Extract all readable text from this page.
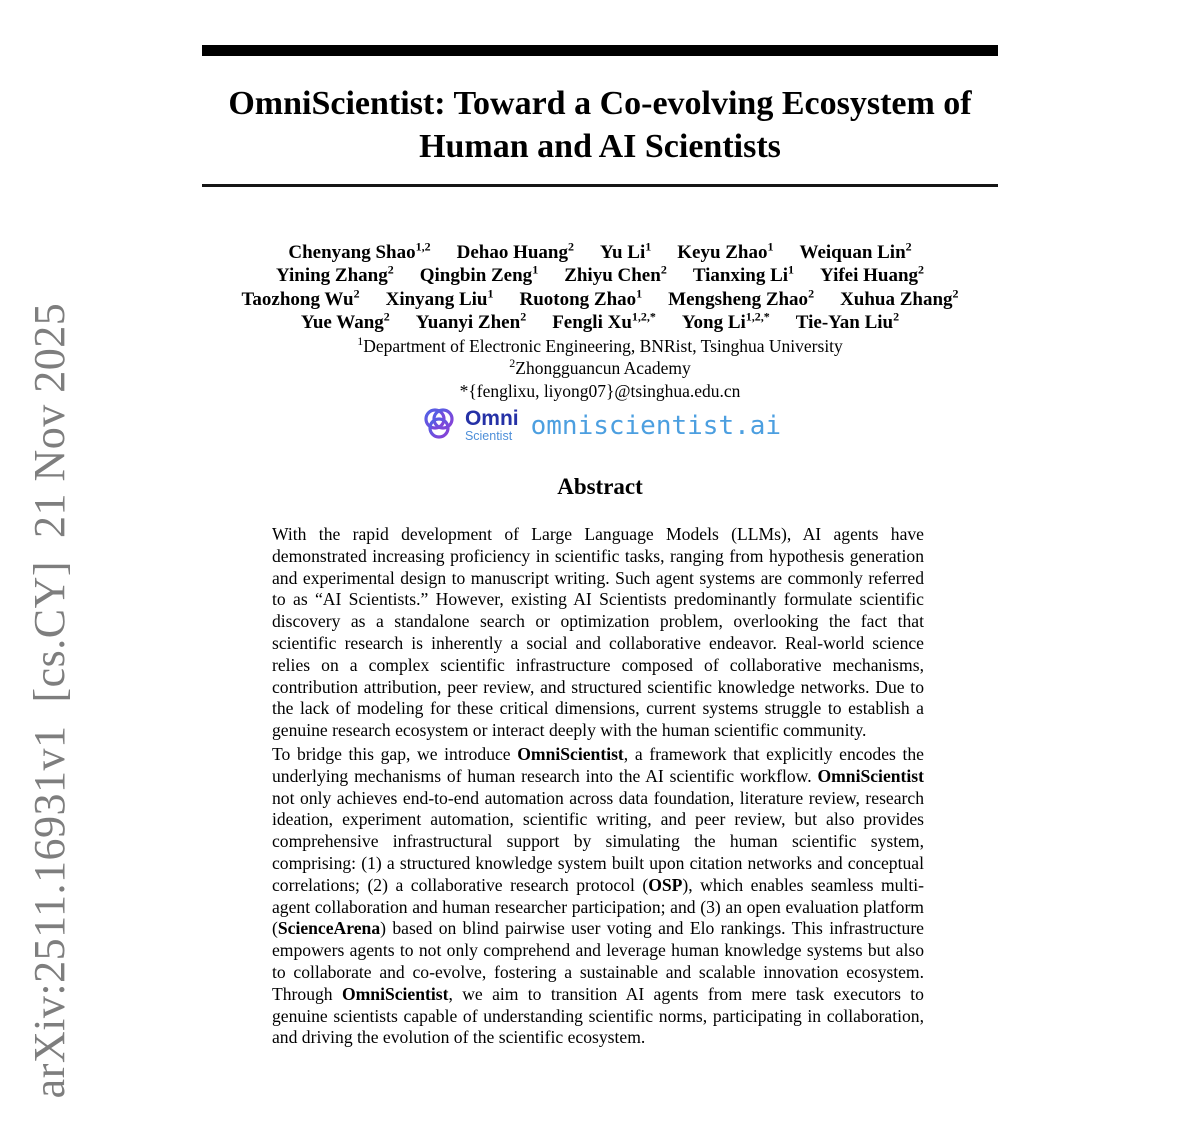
arXiv:2511.16931v1  [cs.CY]  21 Nov 2025
OmniScientist: Toward a Co-evolving Ecosystem of Human and AI Scientists
Chenyang Shao$^{1,2}$ Dehao Huang$^2$ Yu Li$^1$ Keyu Zhao$^1$ Weiquan Lin$^2$
Yining Zhang$^2$ Qingbin Zeng$^1$ Zhiyu Chen$^2$ Tianxing Li$^1$ Yifei Huang$^2$
Taozhong Wu$^2$ Xinyang Liu$^1$ Ruotong Zhao$^1$ Mengsheng Zhao$^2$ Xuhua Zhang$^2$
Yue Wang$^2$ Yuanyi Zhen$^2$ Fengli $Xu^{1,2,*}$ Yong $Li^{1,2,*}$ Tie-Yan Liu$^2$
$^1$Department of Electronic Engineering, BNRist, Tsinghua University
$^2$Zhongguancun Academy
*{fenglixu, liyong07}@tsinghua.edu.cn
Omni
Scientist omniscientist.ai
Abstract

With the rapid development of Large Language Models (LLMs), AI agents have demonstrated increasing proficiency in scientific tasks, ranging from hypothesis generation and experimental design to manuscript writing. Such agent systems are commonly referred to as “AI Scientists.” However, existing AI Scientists predominantly formulate scientific discovery as a standalone search or optimization problem, overlooking the fact that scientific research is inherently a social and collaborative endeavor. Real-world science relies on a complex scientific infrastructure composed of collaborative mechanisms, contribution attribution, peer review, and structured scientific knowledge networks. Due to the lack of modeling for these critical dimensions, current systems struggle to establish a genuine research ecosystem or interact deeply with the human scientific community.

To bridge this gap, we introduce OmniScientist, a framework that explicitly encodes the underlying mechanisms of human research into the AI scientific workflow. OmniScientist not only achieves end-to-end automation across data foundation, literature review, research ideation, experiment automation, scientific writing, and peer review, but also provides comprehensive infrastructural support by simulating the human scientific system, comprising: (1) a structured knowledge system built upon citation networks and conceptual correlations; (2) a collaborative research protocol (OSP), which enables seamless multi-agent collaboration and human researcher participation; and (3) an open evaluation platform (ScienceArena) based on blind pairwise user voting and Elo rankings. This infrastructure empowers agents to not only comprehend and leverage human knowledge systems but also to collaborate and co-evolve, fostering a sustainable and scalable innovation ecosystem. Through OmniScientist, we aim to transition AI agents from mere task executors to genuine scientists capable of understanding scientific norms, participating in collaboration, and driving the evolution of the scientific ecosystem.
